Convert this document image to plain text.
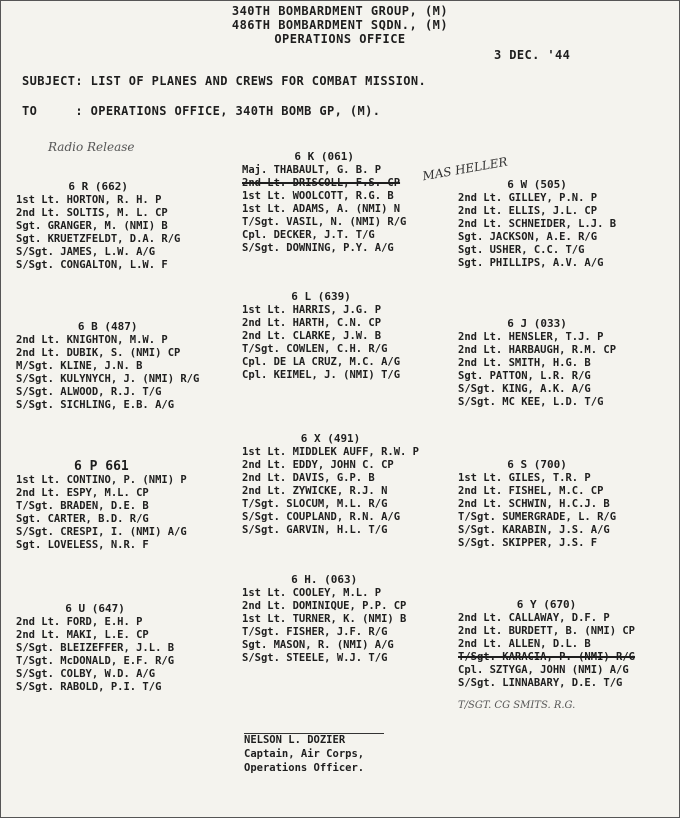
340TH BOMBARDMENT GROUP, (M)
486TH BOMBARDMENT SQDN., (M)
OPERATIONS OFFICE
3 DEC. '44
SUBJECT: LIST OF PLANES AND CREWS FOR COMBAT MISSION.
TO     : OPERATIONS OFFICE, 340TH BOMB GP, (M).
Radio Release
MAS HELLER
6 R (662)
1st Lt. HORTON, R. H. P
2nd Lt. SOLTIS, M. L. CP
Sgt. GRANGER, M. (NMI) B
Sgt. KRUETZFELDT, D.A. R/G
S/Sgt. JAMES, L.W. A/G
S/Sgt. CONGALTON, L.W. F
6 K (061)
Maj. THABAULT, G. B. P
2nd Lt. DRISCOLL, F.S. CP
1st Lt. WOOLCOTT, R.G. B
1st Lt. ADAMS, A. (NMI) N
T/Sgt. VASIL, N. (NMI) R/G
Cpl. DECKER, J.T. T/G
S/Sgt. DOWNING, P.Y. A/G
6 W (505)
2nd Lt. GILLEY, P.N. P
2nd Lt. ELLIS, J.L. CP
2nd Lt. SCHNEIDER, L.J. B
Sgt. JACKSON, A.E. R/G
Sgt. USHER, C.C. T/G
Sgt. PHILLIPS, A.V. A/G
6 L (639)
1st Lt. HARRIS, J.G. P
2nd Lt. HARTH, C.N. CP
2nd Lt. CLARKE, J.W. B
T/Sgt. COWLEN, C.H. R/G
Cpl. DE LA CRUZ, M.C. A/G
Cpl. KEIMEL, J. (NMI) T/G
6 B (487)
2nd Lt. KNIGHTON, M.W. P
2nd Lt. DUBIK, S. (NMI) CP
M/Sgt. KLINE, J.N. B
S/Sgt. KULYNYCH, J. (NMI) R/G
S/Sgt. ALWOOD, R.J. T/G
S/Sgt. SICHLING, E.B. A/G
6 J (033)
2nd Lt. HENSLER, T.J. P
2nd Lt. HARBAUGH, R.M. CP
2nd Lt. SMITH, H.G. B
Sgt. PATTON, L.R. R/G
S/Sgt. KING, A.K. A/G
S/Sgt. MC KEE, L.D. T/G
6 X (491)
1st Lt. MIDDLEK AUFF, R.W. P
2nd Lt. EDDY, JOHN C. CP
2nd Lt. DAVIS, G.P. B
2nd Lt. ZYWICKE, R.J. N
T/Sgt. SLOCUM, M.L. R/G
S/Sgt. COUPLAND, R.N. A/G
S/Sgt. GARVIN, H.L. T/G
6 P 661
1st Lt. CONTINO, P. (NMI) P
2nd Lt. ESPY, M.L. CP
T/Sgt. BRADEN, D.E. B
Sgt. CARTER, B.D. R/G
S/Sgt. CRESPI, I. (NMI) A/G
Sgt. LOVELESS, N.R. F
6 S (700)
1st Lt. GILES, T.R. P
2nd Lt. FISHEL, M.C. CP
2nd Lt. SCHWIN, H.C.J. B
T/Sgt. SUMERGRADE, L. R/G
S/Sgt. KARABIN, J.S. A/G
S/Sgt. SKIPPER, J.S. F
6 H. (063)
1st Lt. COOLEY, M.L. P
2nd Lt. DOMINIQUE, P.P. CP
1st Lt. TURNER, K. (NMI) B
T/Sgt. FISHER, J.F. R/G
Sgt. MASON, R. (NMI) A/G
S/Sgt. STEELE, W.J. T/G
6 U (647)
2nd Lt. FORD, E.H. P
2nd Lt. MAKI, L.E. CP
S/Sgt. BLEIZEFFER, J.L. B
T/Sgt. McDONALD, E.F. R/G
S/Sgt. COLBY, W.D. A/G
S/Sgt. RABOLD, P.I. T/G
6 Y (670)
2nd Lt. CALLAWAY, D.F. P
2nd Lt. BURDETT, B. (NMI) CP
2nd Lt. ALLEN, D.L. B
T/Sgt. KARACIA, P. (NMI) R/G
Cpl. SZTYGA, JOHN (NMI) A/G
S/Sgt. LINNABARY, D.E. T/G
T/SGT. CG SMITS. R.G.
NELSON L. DOZIER
Captain, Air Corps,
Operations Officer.
